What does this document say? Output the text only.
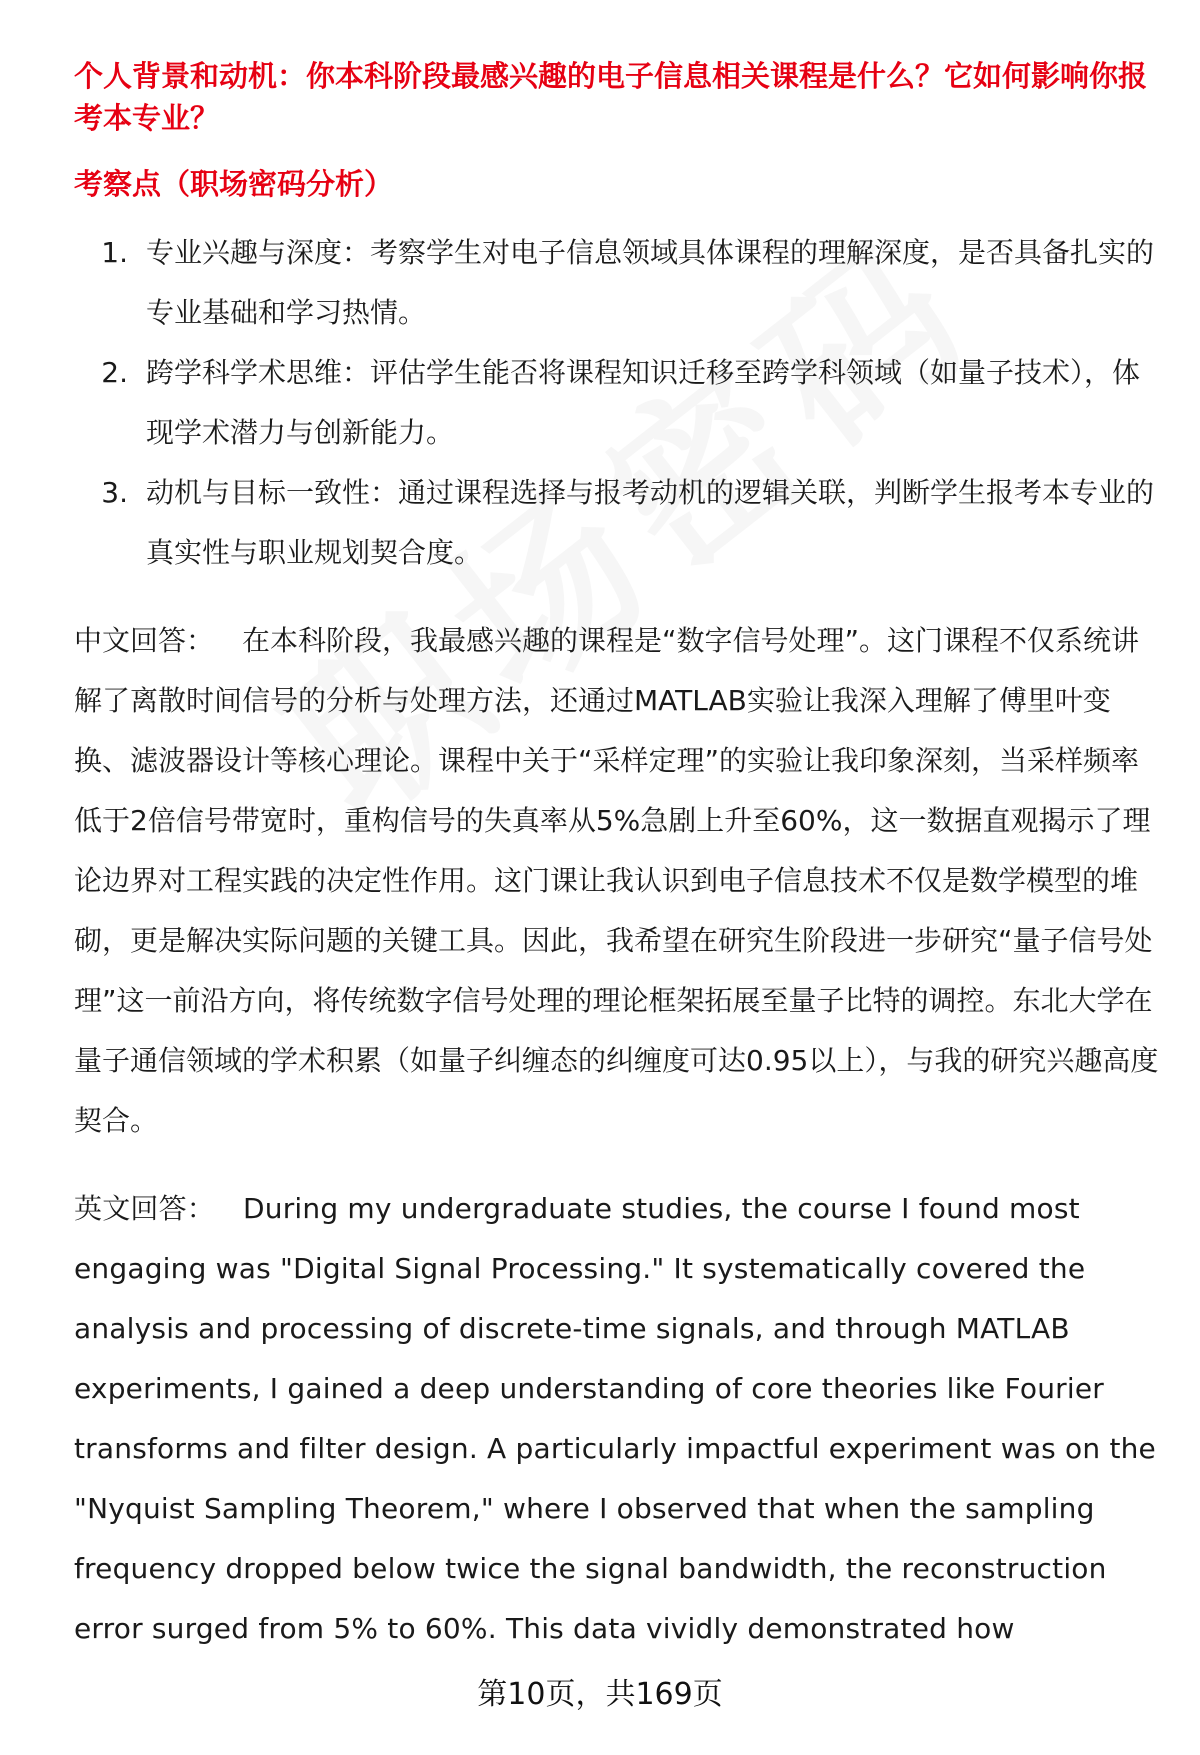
个人背景和动机：你本科阶段最感兴趣的电子信息相关课程是什么？它如何影响你报考本专业？

考察点（职场密码分析）

1. 专业兴趣与深度：考察学生对电子信息领域具体课程的理解深度，是否具备扎实的专业基础和学习热情。
2. 跨学科学术思维：评估学生能否将课程知识迁移至跨学科领域（如量子技术），体现学术潜力与创新能力。
3. 动机与目标一致性：通过课程选择与报考动机的逻辑关联，判断学生报考本专业的真实性与职业规划契合度。

中文回答： 在本科阶段，我最感兴趣的课程是“数字信号处理”。这门课程不仅系统讲解了离散时间信号的分析与处理方法，还通过MATLAB实验让我深入理解了傅里叶变换、滤波器设计等核心理论。课程中关于“采样定理”的实验让我印象深刻，当采样频率低于2倍信号带宽时，重构信号的失真率从5%急剧上升至60%，这一数据直观揭示了理论边界对工程实践的决定性作用。这门课让我认识到电子信息技术不仅是数学模型的堆砌，更是解决实际问题的关键工具。因此，我希望在研究生阶段进一步研究“量子信号处理”这一前沿方向，将传统数字信号处理的理论框架拓展至量子比特的调控。东北大学在量子通信领域的学术积累（如量子纠缠态的纠缠度可达0.95以上），与我的研究兴趣高度契合。

英文回答： During my undergraduate studies, the course I found most engaging was "Digital Signal Processing." It systematically covered the analysis and processing of discrete-time signals, and through MATLAB experiments, I gained a deep understanding of core theories like Fourier transforms and filter design. A particularly impactful experiment was on the "Nyquist Sampling Theorem," where I observed that when the sampling frequency dropped below twice the signal bandwidth, the reconstruction error surged from 5% to 60%. This data vividly demonstrated how

第10页，共169页
